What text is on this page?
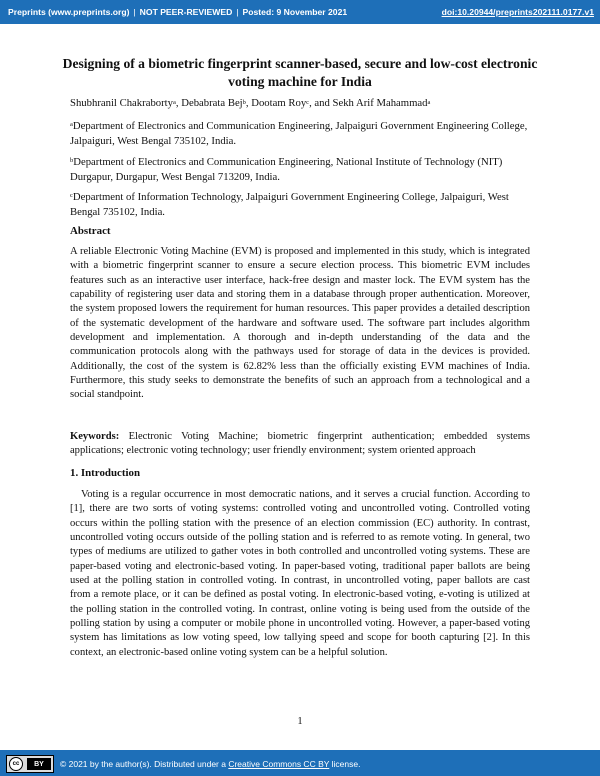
Preprints (www.preprints.org) | NOT PEER-REVIEWED | Posted: 9 November 2021	doi:10.20944/preprints202111.0177.v1
Designing of a biometric fingerprint scanner-based, secure and low-cost electronic voting machine for India
Shubhranil Chakraborty$^a$, Debabrata Bej$^b$, Dootam Roy$^c$, and Sekh Arif Mahammad$^a$
$^a$Department of Electronics and Communication Engineering, Jalpaiguri Government Engineering College, Jalpaiguri, West Bengal 735102, India.
$^b$Department of Electronics and Communication Engineering, National Institute of Technology (NIT) Durgapur, Durgapur, West Bengal 713209, India.
$^c$Department of Information Technology, Jalpaiguri Government Engineering College, Jalpaiguri, West Bengal 735102, India.
Abstract
A reliable Electronic Voting Machine (EVM) is proposed and implemented in this study, which is integrated with a biometric fingerprint scanner to ensure a secure election process. This biometric EVM includes features such as an interactive user interface, hack-free design and master lock. The EVM system has the capability of registering user data and storing them in a database through proper authentication. Moreover, the system proposed lowers the requirement for human resources. This paper provides a detailed description of the systematic development of the hardware and software used. The software part includes algorithm development and implementation. A thorough and in-depth understanding of the data and the communication protocols along with the pathways used for storage of data in the devices is provided. Additionally, the cost of the system is 62.82% less than the officially existing EVM machines of India. Furthermore, this study seeks to demonstrate the benefits of such an approach from a technological and a social standpoint.
Keywords: Electronic Voting Machine; biometric fingerprint authentication; embedded systems applications; electronic voting technology; user friendly environment; system oriented approach
1. Introduction
Voting is a regular occurrence in most democratic nations, and it serves a crucial function. According to [1], there are two sorts of voting systems: controlled voting and uncontrolled voting. Controlled voting occurs within the polling station with the presence of an election commission (EC) authority. In contrast, uncontrolled voting occurs outside of the polling station and is referred to as remote voting. In general, two types of mediums are utilized to gather votes in both controlled and uncontrolled voting systems. These are paper-based voting and electronic-based voting. In paper-based voting, traditional paper ballots are being used at the polling station in controlled voting. In contrast, in uncontrolled voting, paper ballots are cast from a remote place, or it can be defined as postal voting. In electronic-based voting, e-voting is utilized at the polling station in the controlled voting. In contrast, online voting is being used from the outside of the polling station by using a computer or mobile phone in uncontrolled voting. However, a paper-based voting system has limitations as low voting speed, low tallying speed and scope for booth capturing [2]. In this context, an electronic-based online voting system can be a helpful solution.
1
cc	BY	© 2021 by the author(s). Distributed under a Creative Commons CC BY license.
